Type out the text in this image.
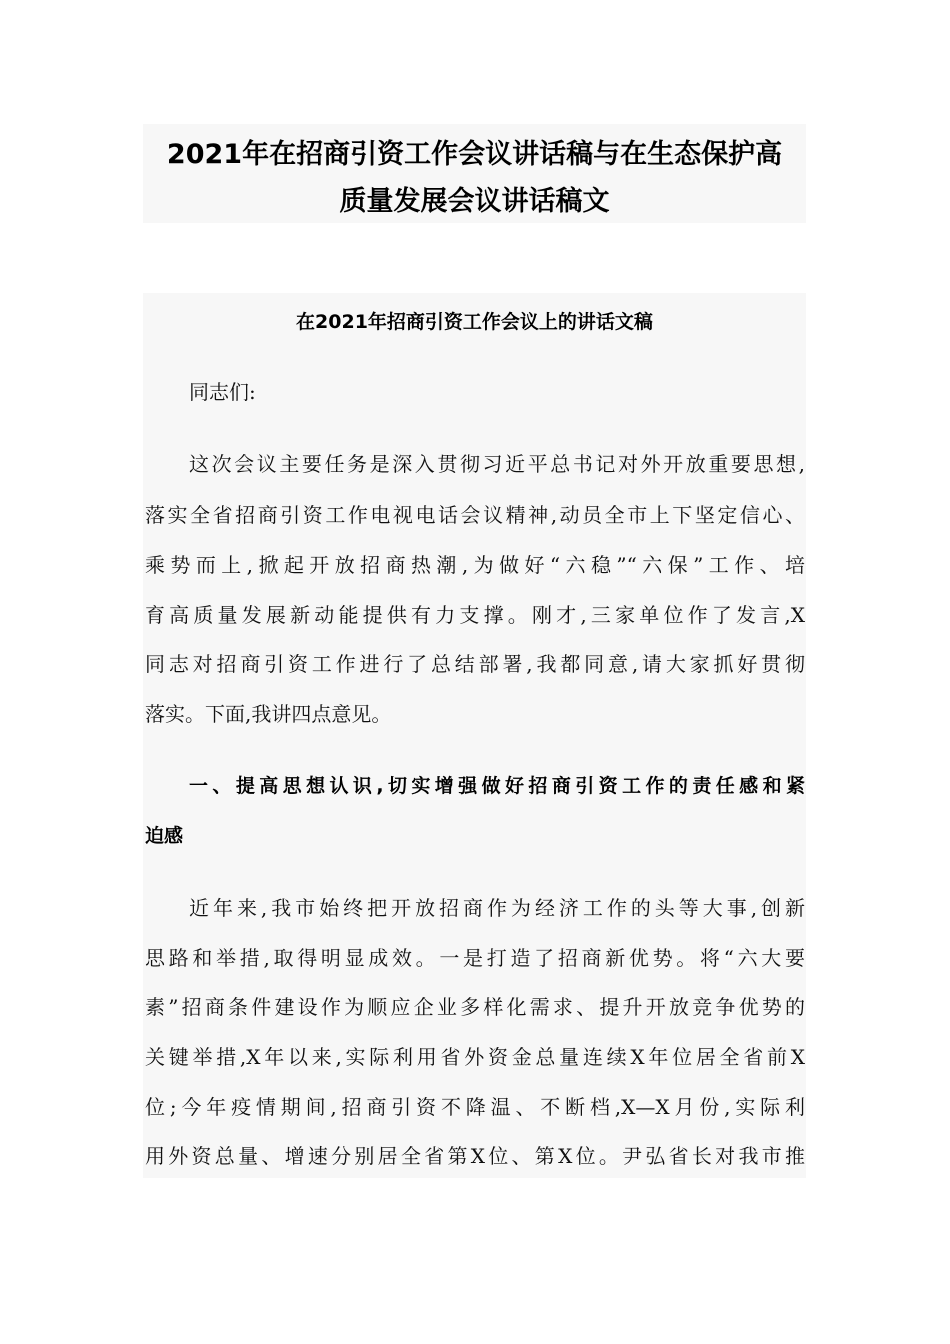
2021年在招商引资工作会议讲话稿与在生态保护高
质量发展会议讲话稿文
在2021年招商引资工作会议上的讲话文稿
同志们:
这次会议主要任务是深入贯彻习近平总书记对外开放重要思想,
落实全省招商引资工作电视电话会议精神,动员全市上下坚定信心、
乘势而上,掀起开放招商热潮,为做好“六稳”“六保”工作、培
育高质量发展新动能提供有力支撑。刚才,三家单位作了发言,X
同志对招商引资工作进行了总结部署,我都同意,请大家抓好贯彻
落实。下面,我讲四点意见。
一、提高思想认识,切实增强做好招商引资工作的责任感和紧
迫感
近年来,我市始终把开放招商作为经济工作的头等大事,创新
思路和举措,取得明显成效。一是打造了招商新优势。将“六大要
素”招商条件建设作为顺应企业多样化需求、提升开放竞争优势的
关键举措,X年以来,实际利用省外资金总量连续X年位居全省前X
位;今年疫情期间,招商引资不降温、不断档,X—X月份,实际利
用外资总量、增速分别居全省第X位、第X位。尹弘省长对我市推
